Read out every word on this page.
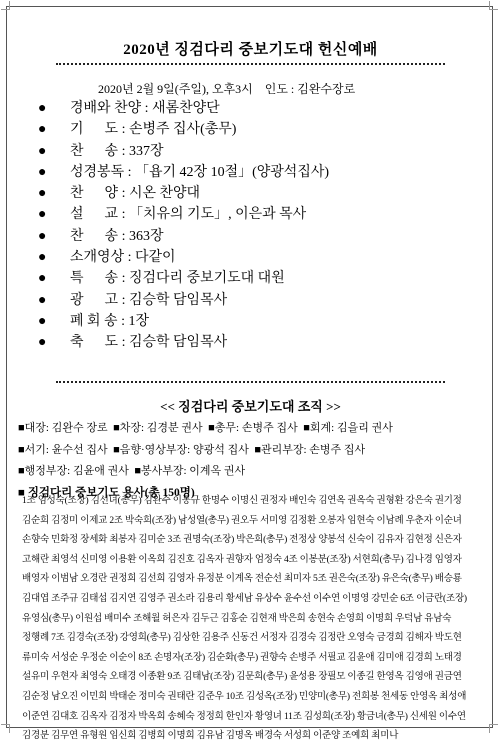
2020년 징검다리 중보기도대 헌신예배
2020년 2월 9일(주일), 오후3시    인도 : 김완수장로
●	경배와 찬양 : 새롬찬양단
●	기      도 : 손병주 집사(총무)
●	찬      송 : 337장
●	성경봉독 : 「욥기 42장 10절」(양광석집사)
●	찬      양 : 시온 찬양대
●	설      교 : 「치유의 기도」, 이은과 목사
●	찬      송 : 363장
●	소개영상 : 다같이
●	특      송 : 징검다리 중보기도대 대원
●	광      고 : 김승학 담임목사
●	폐 회 송 : 1장
●	축      도 : 김승학 담임목사
<< 징검다리 중보기도대 조직 >>
■대장: 김완수 장로  ■차장: 김경분 권사  ■총무: 손병주 집사  ■회계: 김을리 권사
■서기: 윤수선 집사  ■음향·영상부장: 양광석 집사  ■관리부장: 손병주 집사
■행정부장: 김윤애 권사  ■봉사부장: 이계옥 권사
■ 징검다리 중보기도 용사(총 150명)
1조 임성숙(조장) 김선녀(총무) 김완수 이동규 한명수 이명신 권정자 배인숙 김연옥 권옥숙 권형환 강은숙 권기정
김순희 김정미 이제교 2조 박숙희(조장) 남성열(총무) 권오두 서미영 김정환 오봉자 임현숙 이남례 우춘자 이순녀
손향숙 민화정 장세화 최봉자 김미순 3조 권명숙(조장) 박은희(총무) 전정상 양봉석 신숙이 김유자 김현정 신은자
고해란 최영석 신미영 이용환 이옥희 김진호 김옥자 권향자 엄정숙 4조 이봉분(조장) 서현희(총무) 김나경 임영자
배영자 이범남 오경란 권정희 김선희 김영자 유정분 이계옥 전순선 최미자 5조 권은숙(조장) 유은숙(총무) 배승룡
김대엽 조주규 김태섭 김지연 김영주 권소라 김용리 황세남 유상수 윤수선 이수연 이명영 강민순 6조 이금란(조장)
유영심(총무) 이원섭 배미수 조해월 허은자 김두근 김홍순 김현재 박은희 송현숙 손영희 이명희 우덕남 유남숙
정행례 7조 김경숙(조장) 강영희(총무) 김상한 김용주 신동건 서정자 김경숙 김정란 오영숙 금경희 김해자 박도현
류미숙 서성순 우정순 이순이 8조 손명자(조장) 김순화(총무) 권향숙 손병주 서필교 김윤애 김미애 김경희 노태경
설유미 우현자 최영숙 오태경 이종환 9조 김태남(조장) 김문희(총무) 윤성용 장필모 이종길 한영옥 김영애 권금연
김순정 남오진 이민희 박태순 정미숙 권태란 김준우 10조 김성옥(조장) 민양미(총무) 전희봉 천세동 안영옥 최성애
이준연 김대호 김옥자 김정자 박옥희 송혜숙 정정희 한인자 황영녀 11조 김성희(조장) 황금녀(총무) 신세원 이수연
김경분 김무연 유형원 임신희 김병희 이명희 김유남 김명옥 배경숙 서성희 이준양 조예희 최미나
